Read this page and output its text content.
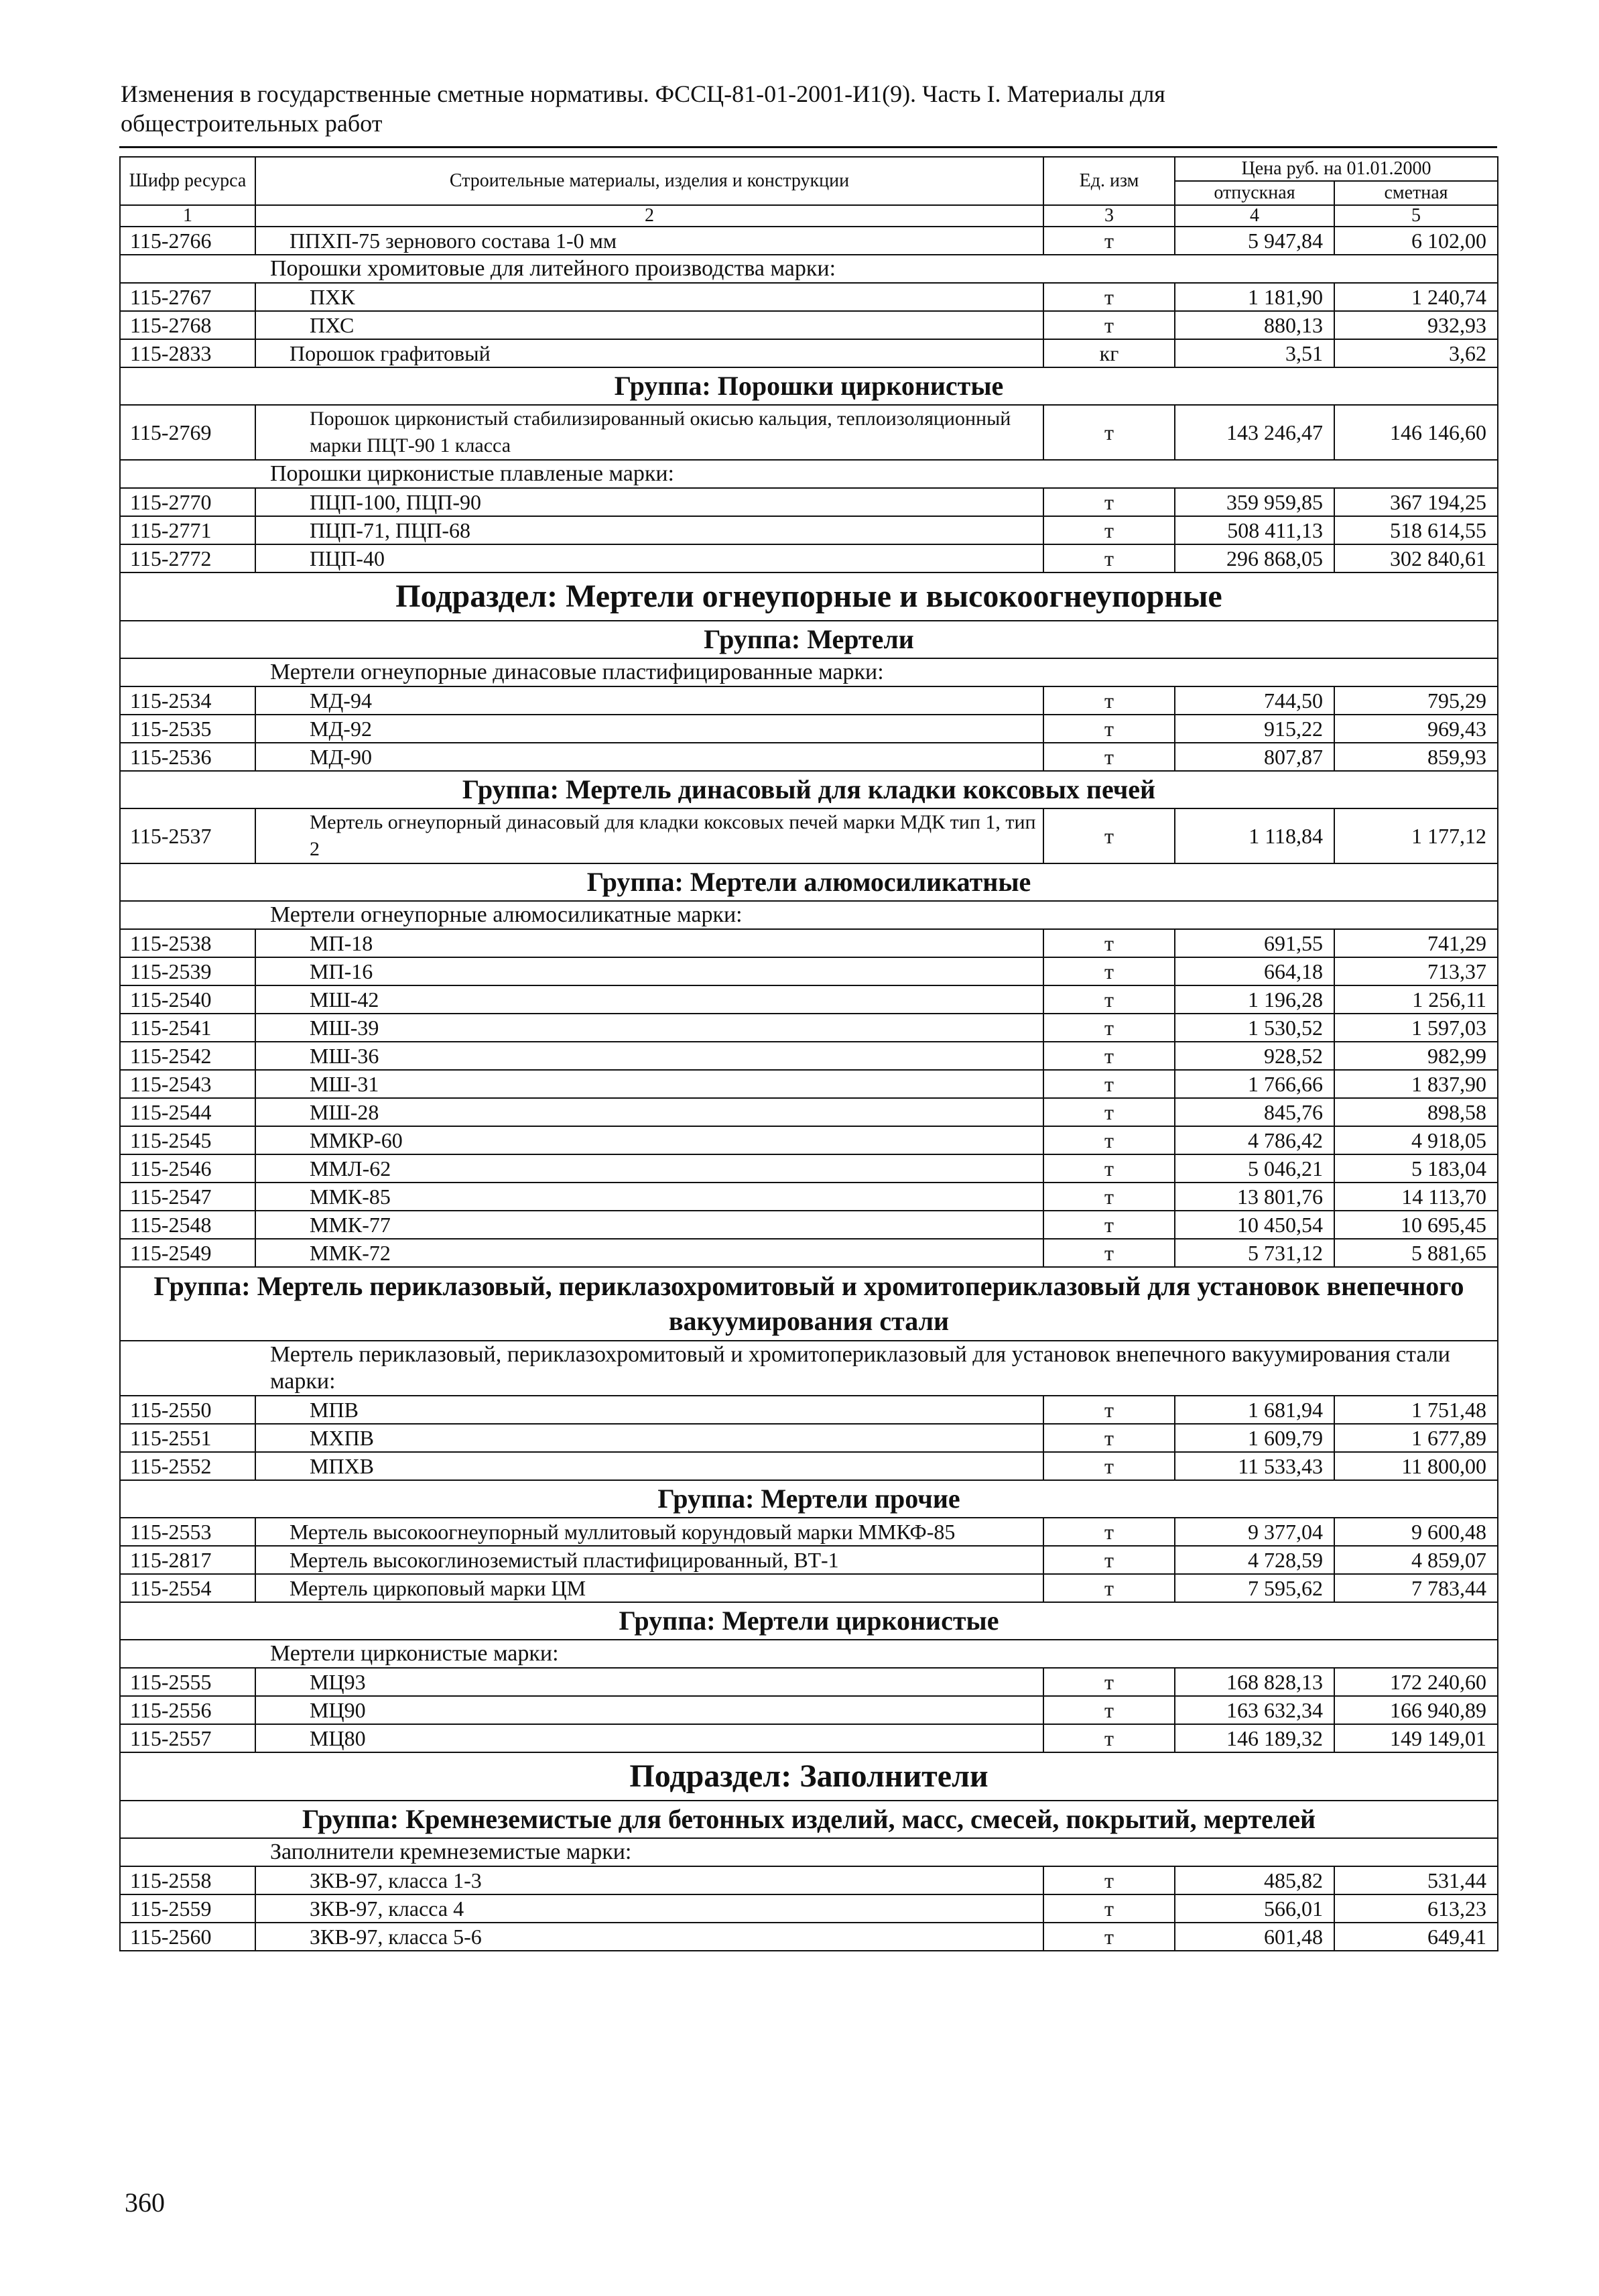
Изменения в государственные сметные нормативы. ФССЦ-81-01-2001-И1(9). Часть I. Материалы для
общестроительных работ
Шифр ресурса	Строительные материалы, изделия и конструкции	Ед. изм	Цена руб. на 01.01.2000	
			отпускная	сметная
1	2	3	4	5
115-2766	ППХП-75 зернового состава 1-0 мм	т	5 947,84	6 102,00
	Порошки хромитовые для литейного производства марки:			
115-2767	ПХК	т	1 181,90	1 240,74
115-2768	ПХС	т	880,13	932,93
115-2833	Порошок графитовый	кг	3,51	3,62
Группа: Порошки цирконистые				
115-2769	Порошок цирконистый стабилизированный окисью кальция, теплоизоляционный марки ПЦТ-90 1 класса	т	143 246,47	146 146,60
	Порошки цирконистые плавленые марки:			
115-2770	ПЦП-100, ПЦП-90	т	359 959,85	367 194,25
115-2771	ПЦП-71, ПЦП-68	т	508 411,13	518 614,55
115-2772	ПЦП-40	т	296 868,05	302 840,61
Подраздел: Мертели огнеупорные и высокоогнеупорные				
Группа: Мертели				
	Мертели огнеупорные динасовые пластифицированные марки:			
115-2534	МД-94	т	744,50	795,29
115-2535	МД-92	т	915,22	969,43
115-2536	МД-90	т	807,87	859,93
Группа: Мертель динасовый для кладки коксовых печей				
115-2537	Мертель огнеупорный динасовый для кладки коксовых печей марки МДК тип 1, тип 2	т	1 118,84	1 177,12
Группа: Мертели алюмосиликатные				
	Мертели огнеупорные алюмосиликатные марки:			
115-2538	МП-18	т	691,55	741,29
115-2539	МП-16	т	664,18	713,37
115-2540	МШ-42	т	1 196,28	1 256,11
115-2541	МШ-39	т	1 530,52	1 597,03
115-2542	МШ-36	т	928,52	982,99
115-2543	МШ-31	т	1 766,66	1 837,90
115-2544	МШ-28	т	845,76	898,58
115-2545	ММКР-60	т	4 786,42	4 918,05
115-2546	ММЛ-62	т	5 046,21	5 183,04
115-2547	ММК-85	т	13 801,76	14 113,70
115-2548	ММК-77	т	10 450,54	10 695,45
115-2549	ММК-72	т	5 731,12	5 881,65
Группа: Мертель периклазовый, периклазохромитовый и хромитопериклазовый для установок внепечного вакуумирования стали				
	Мертель периклазовый, периклазохромитовый и хромитопериклазовый для установок внепечного вакуумирования стали марки:			
115-2550	МПВ	т	1 681,94	1 751,48
115-2551	МХПВ	т	1 609,79	1 677,89
115-2552	МПХВ	т	11 533,43	11 800,00
Группа: Мертели прочие				
115-2553	Мертель высокоогнеупорный муллитовый корундовый марки ММКФ-85	т	9 377,04	9 600,48
115-2817	Мертель высокоглиноземистый пластифицированный, ВТ-1	т	4 728,59	4 859,07
115-2554	Мертель циркоповый марки ЦМ	т	7 595,62	7 783,44
Группа: Мертели цирконистые				
	Мертели цирконистые марки:			
115-2555	МЦ93	т	168 828,13	172 240,60
115-2556	МЦ90	т	163 632,34	166 940,89
115-2557	МЦ80	т	146 189,32	149 149,01
Подраздел: Заполнители				
Группа: Кремнеземистые для бетонных изделий, масс, смесей, покрытий, мертелей				
	Заполнители кремнеземистые марки:			
115-2558	ЗКВ-97, класса 1-3	т	485,82	531,44
115-2559	ЗКВ-97, класса 4	т	566,01	613,23
115-2560	ЗКВ-97, класса 5-6	т	601,48	649,41
360
